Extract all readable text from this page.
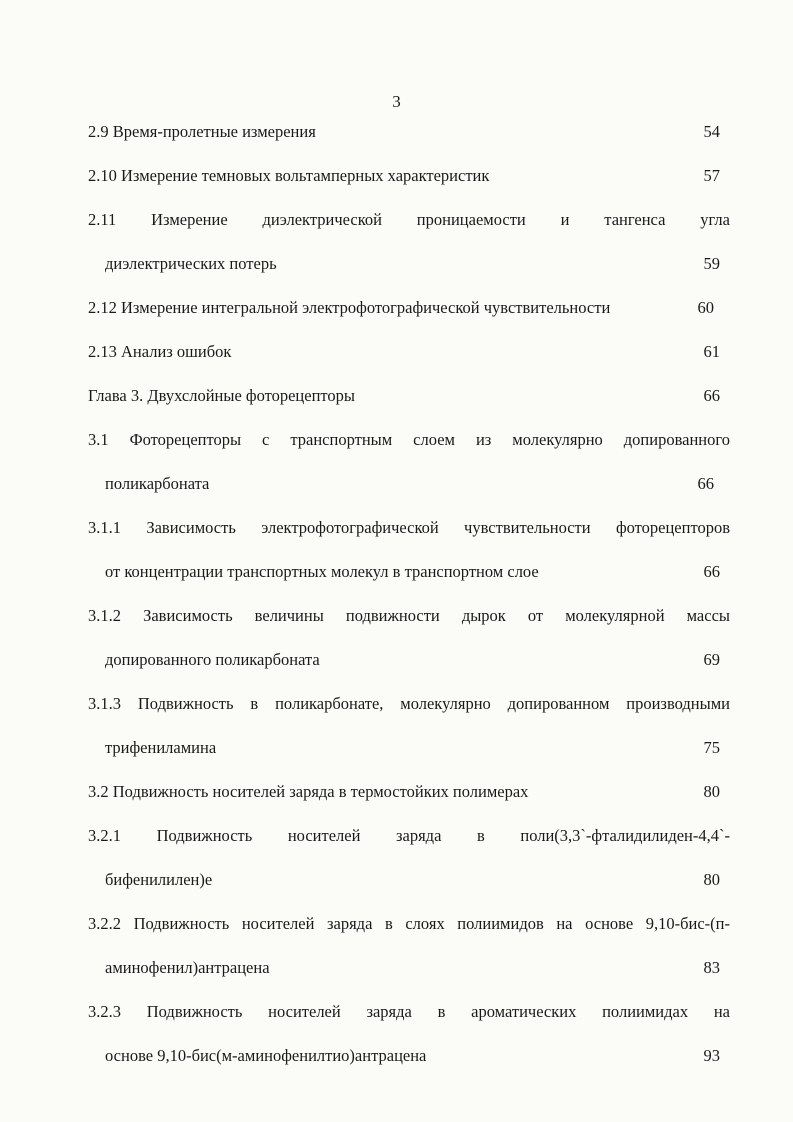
3
2.9 Время-пролетные измерения	54
2.10 Измерение темновых вольтамперных характеристик	57
2.11 Измерение диэлектрической проницаемости и тангенса угла
диэлектрических потерь	59
2.12 Измерение интегральной электрофотографической чувствительности	60
2.13 Анализ ошибок	61
Глава 3. Двухслойные фоторецепторы	66
3.1 Фоторецепторы с транспортным слоем из молекулярно допированного
поликарбоната	66
3.1.1 Зависимость электрофотографической чувствительности фоторецепторов
от концентрации транспортных молекул в транспортном слое	66
3.1.2 Зависимость величины подвижности дырок от молекулярной массы
допированного поликарбоната	69
3.1.3 Подвижность в поликарбонате, молекулярно допированном производными
трифениламина	75
3.2 Подвижность носителей заряда в термостойких полимерах	80
3.2.1 Подвижность носителей заряда в поли(3,3`-фталидилиден-4,4`-
бифенилилен)е	80
3.2.2 Подвижность носителей заряда в слоях полиимидов на основе 9,10-бис-(п-
аминофенил)антрацена	83
3.2.3 Подвижность носителей заряда в ароматических полиимидах на
основе 9,10-бис(м-аминофенилтио)антрацена	93
